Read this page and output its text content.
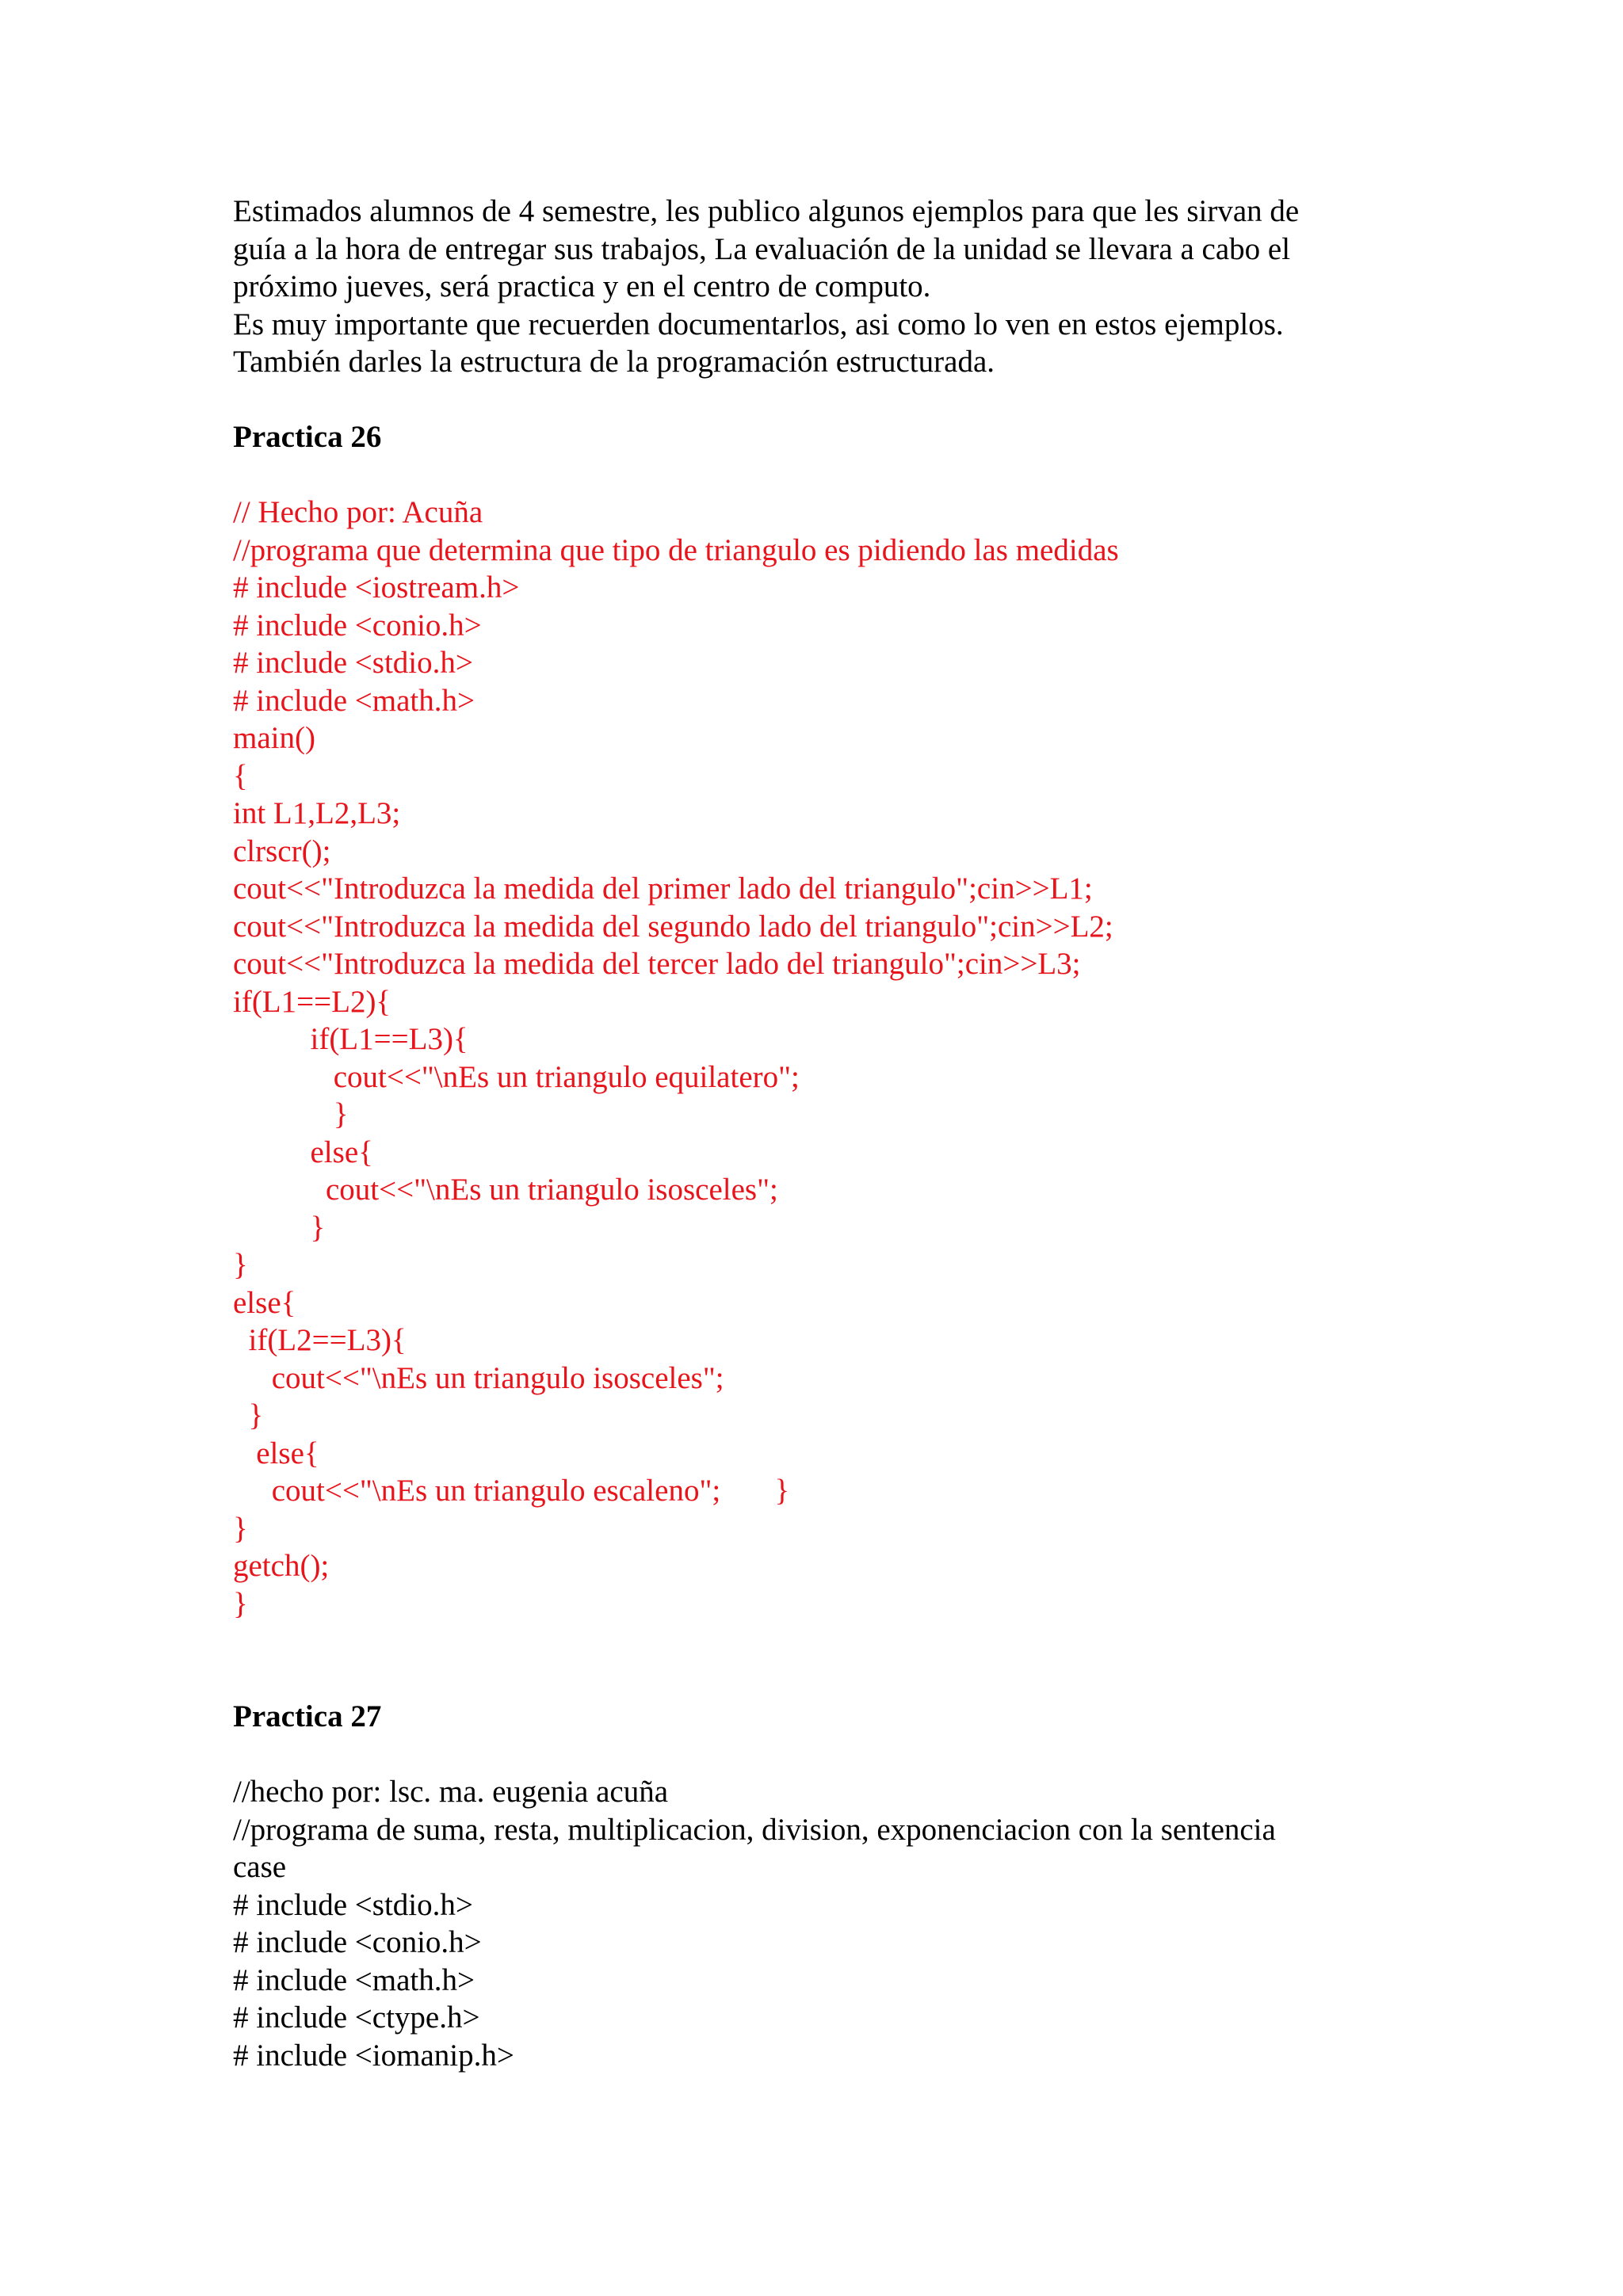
Estimados alumnos de 4 semestre, les publico algunos ejemplos para que les sirvan de
guía a la hora de entregar sus trabajos, La evaluación de la unidad se llevara a cabo el
próximo jueves, será practica y en el centro de computo.
Es muy importante que recuerden documentarlos, asi como lo ven en estos ejemplos.
También darles la estructura de la programación estructurada.
Practica 26
// Hecho por: Acuña
//programa que determina que tipo de triangulo es pidiendo las medidas
# include <iostream.h>
# include <conio.h>
# include <stdio.h>
# include <math.h>
main()
{
int L1,L2,L3;
clrscr();
cout<<"Introduzca la medida del primer lado del triangulo";cin>>L1;
cout<<"Introduzca la medida del segundo lado del triangulo";cin>>L2;
cout<<"Introduzca la medida del tercer lado del triangulo";cin>>L3;
if(L1==L2){
if(L1==L3){
cout<<"\nEs un triangulo equilatero";
}
else{
cout<<"\nEs un triangulo isosceles";
}
}
else{
if(L2==L3){
cout<<"\nEs un triangulo isosceles";
}
else{
cout<<"\nEs un triangulo escaleno";       }
}
getch();
}
Practica 27
//hecho por: lsc. ma. eugenia acuña
//programa de suma, resta, multiplicacion, division, exponenciacion con la sentencia
case
# include <stdio.h>
# include <conio.h>
# include <math.h>
# include <ctype.h>
# include <iomanip.h>
